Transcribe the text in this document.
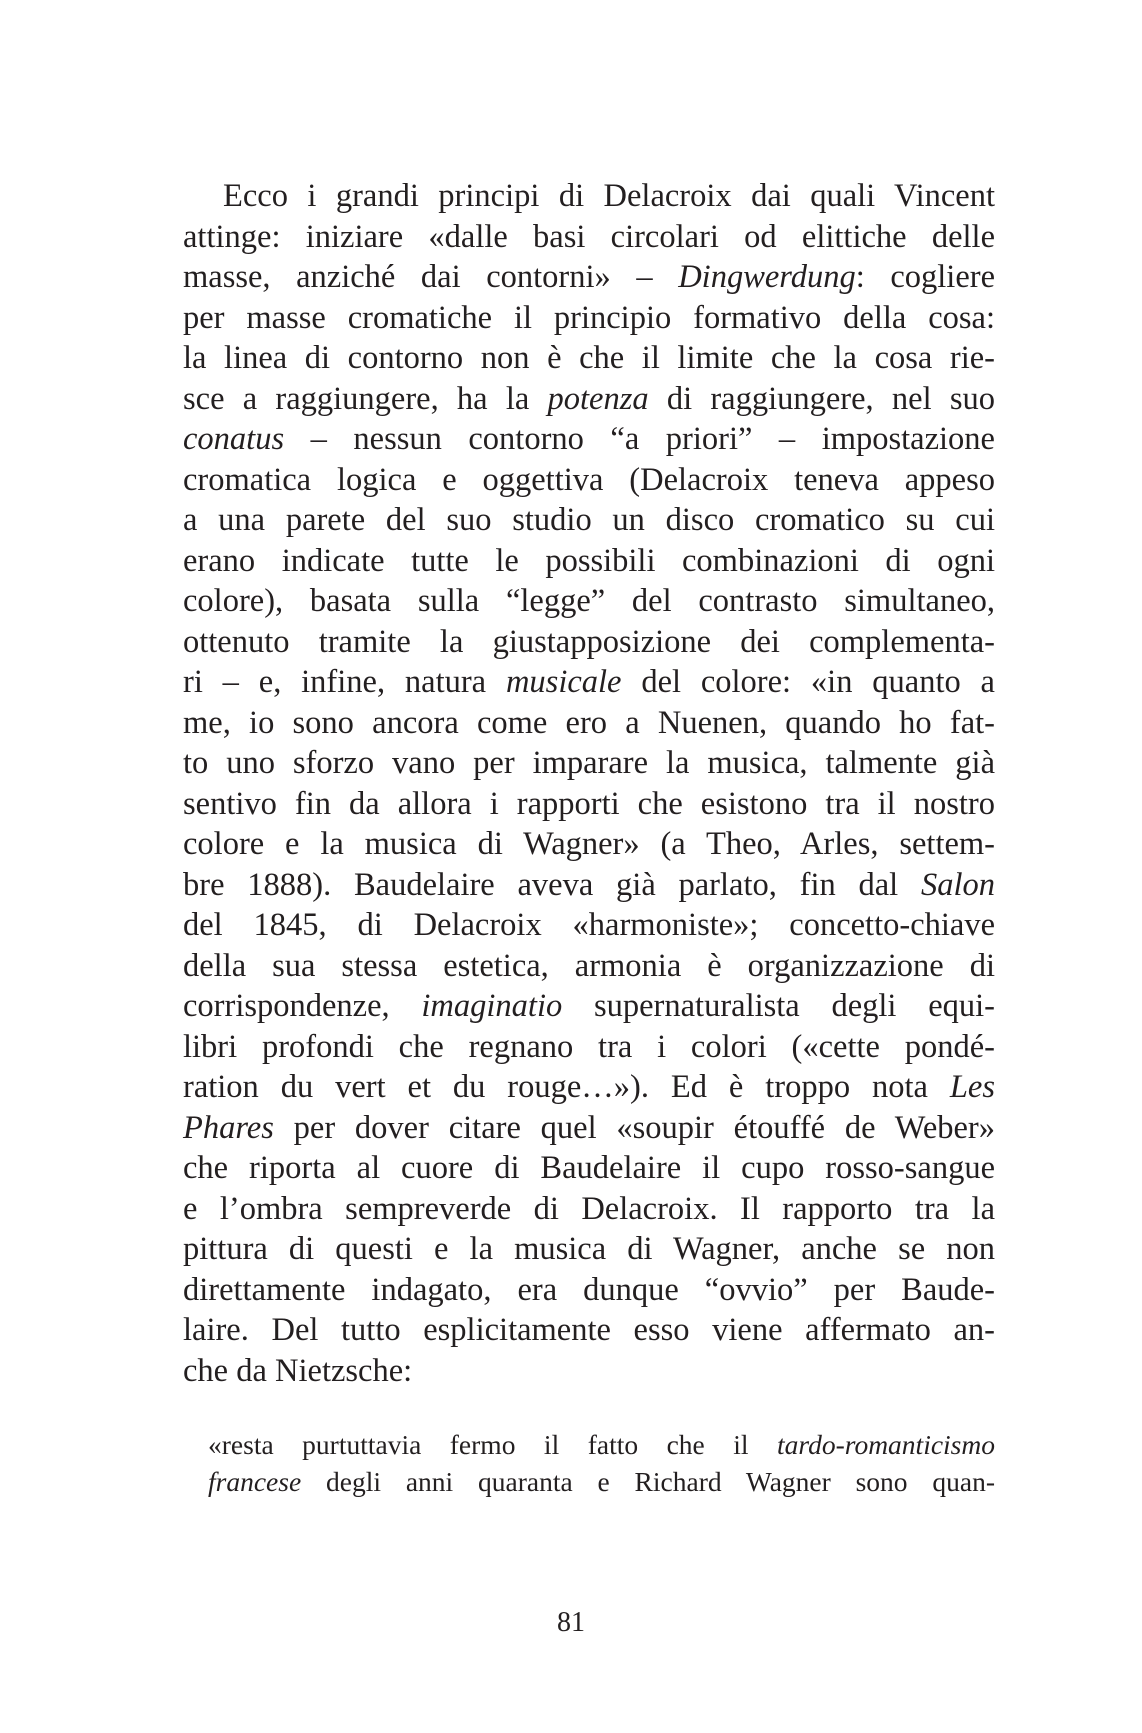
Ecco i grandi principi di Delacroix dai quali Vincent
attinge: iniziare «dalle basi circolari od elittiche delle
masse, anziché dai contorni» – Dingwerdung: cogliere
per masse cromatiche il principio formativo della cosa:
la linea di contorno non è che il limite che la cosa rie-
sce a raggiungere, ha la potenza di raggiungere, nel suo
conatus – nessun contorno “a priori” – impostazione
cromatica logica e oggettiva (Delacroix teneva appeso
a una parete del suo studio un disco cromatico su cui
erano indicate tutte le possibili combinazioni di ogni
colore), basata sulla “legge” del contrasto simultaneo,
ottenuto tramite la giustapposizione dei complementa-
ri – e, infine, natura musicale del colore: «in quanto a
me, io sono ancora come ero a Nuenen, quando ho fat-
to uno sforzo vano per imparare la musica, talmente già
sentivo fin da allora i rapporti che esistono tra il nostro
colore e la musica di Wagner» (a Theo, Arles, settem-
bre 1888). Baudelaire aveva già parlato, fin dal Salon
del 1845, di Delacroix «harmoniste»; concetto-chiave
della sua stessa estetica, armonia è organizzazione di
corrispondenze, imaginatio supernaturalista degli equi-
libri profondi che regnano tra i colori («cette pondé-
ration du vert et du rouge…»). Ed è troppo nota Les
Phares per dover citare quel «soupir étouffé de Weber»
che riporta al cuore di Baudelaire il cupo rosso-sangue
e l’ombra sempreverde di Delacroix. Il rapporto tra la
pittura di questi e la musica di Wagner, anche se non
direttamente indagato, era dunque “ovvio” per Baude-
laire. Del tutto esplicitamente esso viene affermato an-
che da Nietzsche:
«resta purtuttavia fermo il fatto che il tardo-romanticismo
francese degli anni quaranta e Richard Wagner sono quan-
81
